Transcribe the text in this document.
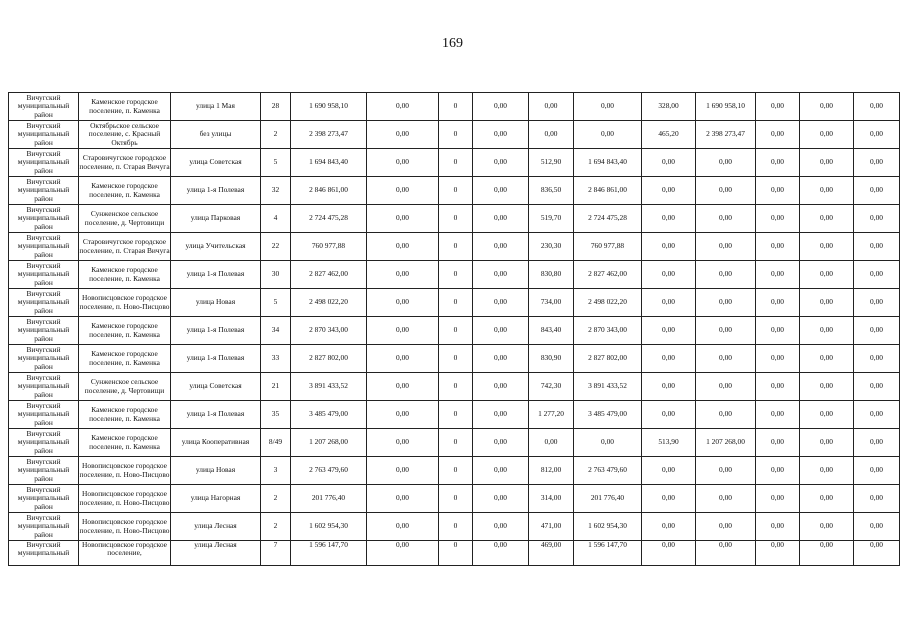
169
Вичугский муниципальный район	Каменское городское поселение, п. Каменка	улица 1 Мая	28	1 690 958,10	0,00	0	0,00	0,00	0,00	328,00	1 690 958,10	0,00	0,00	0,00
Вичугский муниципальный район	Октябрьское сельское поселение, с. Красный Октябрь	без улицы	2	2 398 273,47	0,00	0	0,00	0,00	0,00	465,20	2 398 273,47	0,00	0,00	0,00
Вичугский муниципальный район	Старовичугское городское поселение, п. Старая Вичуга	улица Советская	5	1 694 843,40	0,00	0	0,00	512,90	1 694 843,40	0,00	0,00	0,00	0,00	0,00
Вичугский муниципальный район	Каменское городское поселение, п. Каменка	улица 1-я Полевая	32	2 846 861,00	0,00	0	0,00	836,50	2 846 861,00	0,00	0,00	0,00	0,00	0,00
Вичугский муниципальный район	Сунженское сельское поселение, д. Чертовищи	улица Парковая	4	2 724 475,28	0,00	0	0,00	519,70	2 724 475,28	0,00	0,00	0,00	0,00	0,00
Вичугский муниципальный район	Старовичугское городское поселение, п. Старая Вичуга	улица Учительская	22	760 977,88	0,00	0	0,00	230,30	760 977,88	0,00	0,00	0,00	0,00	0,00
Вичугский муниципальный район	Каменское городское поселение, п. Каменка	улица 1-я Полевая	30	2 827 462,00	0,00	0	0,00	830,80	2 827 462,00	0,00	0,00	0,00	0,00	0,00
Вичугский муниципальный район	Новописцовское городское поселение, п. Ново-Писцово	улица Новая	5	2 498 022,20	0,00	0	0,00	734,00	2 498 022,20	0,00	0,00	0,00	0,00	0,00
Вичугский муниципальный район	Каменское городское поселение, п. Каменка	улица 1-я Полевая	34	2 870 343,00	0,00	0	0,00	843,40	2 870 343,00	0,00	0,00	0,00	0,00	0,00
Вичугский муниципальный район	Каменское городское поселение, п. Каменка	улица 1-я Полевая	33	2 827 802,00	0,00	0	0,00	830,90	2 827 802,00	0,00	0,00	0,00	0,00	0,00
Вичугский муниципальный район	Сунженское сельское поселение, д. Чертовищи	улица Советская	21	3 891 433,52	0,00	0	0,00	742,30	3 891 433,52	0,00	0,00	0,00	0,00	0,00
Вичугский муниципальный район	Каменское городское поселение, п. Каменка	улица 1-я Полевая	35	3 485 479,00	0,00	0	0,00	1 277,20	3 485 479,00	0,00	0,00	0,00	0,00	0,00
Вичугский муниципальный район	Каменское городское поселение, п. Каменка	улица Кооперативная	8/49	1 207 268,00	0,00	0	0,00	0,00	0,00	513,90	1 207 268,00	0,00	0,00	0,00
Вичугский муниципальный район	Новописцовское городское поселение, п. Ново-Писцово	улица Новая	3	2 763 479,60	0,00	0	0,00	812,00	2 763 479,60	0,00	0,00	0,00	0,00	0,00
Вичугский муниципальный район	Новописцовское городское поселение, п. Ново-Писцово	улица Нагорная	2	201 776,40	0,00	0	0,00	314,00	201 776,40	0,00	0,00	0,00	0,00	0,00
Вичугский муниципальный район	Новописцовское городское поселение, п. Ново-Писцово	улица Лесная	2	1 602 954,30	0,00	0	0,00	471,00	1 602 954,30	0,00	0,00	0,00	0,00	0,00
Вичугский муниципальный	Новописцовское городское поселение,	улица Лесная	7	1 596 147,70	0,00	0	0,00	469,00	1 596 147,70	0,00	0,00	0,00	0,00	0,00
